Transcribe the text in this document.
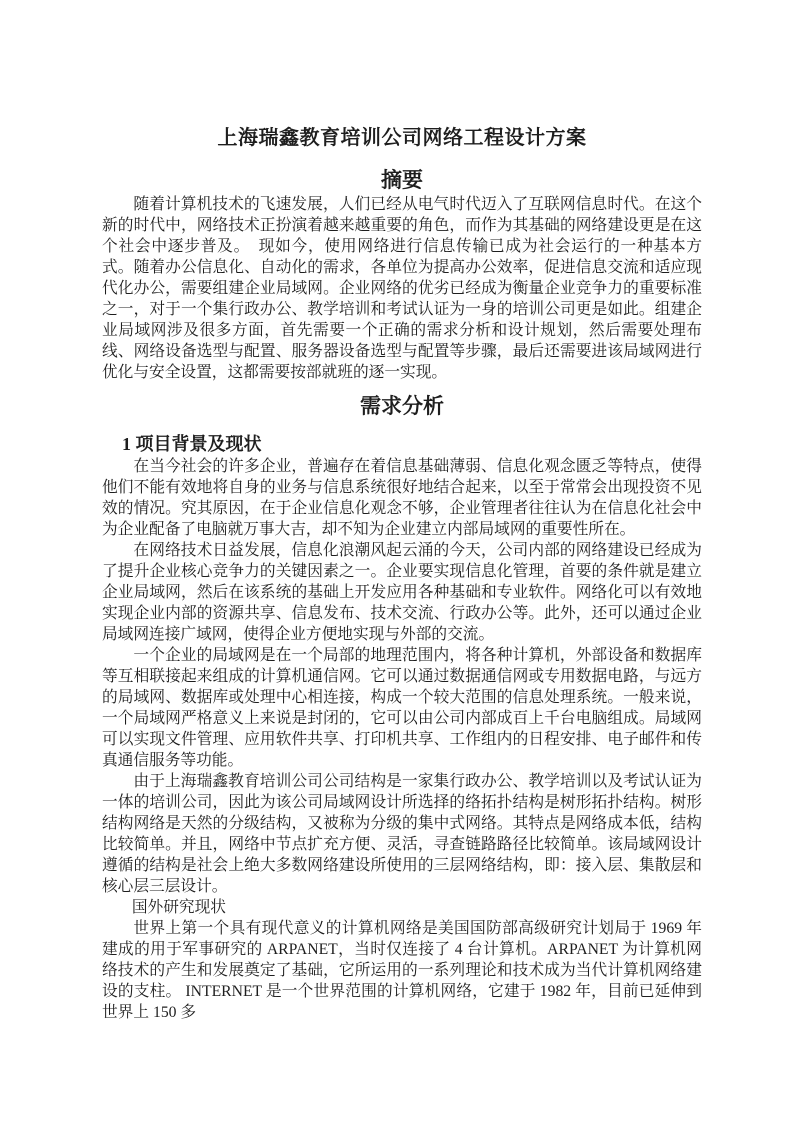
上海瑞鑫教育培训公司网络工程设计方案
摘要

随着计算机技术的飞速发展，人们已经从电气时代迈入了互联网信息时代。在这个新的时代中，网络技术正扮演着越来越重要的角色，而作为其基础的网络建设更是在这个社会中逐步普及。　现如今，使用网络进行信息传输已成为社会运行的一种基本方式。随着办公信息化、自动化的需求，各单位为提高办公效率，促进信息交流和适应现代化办公，需要组建企业局域网。企业网络的优劣已经成为衡量企业竞争力的重要标准之一，对于一个集行政办公、教学培训和考试认证为一身的培训公司更是如此。组建企业局域网涉及很多方面，首先需要一个正确的需求分析和设计规划，然后需要处理布线、网络设备选型与配置、服务器设备选型与配置等步骤，最后还需要进该局域网进行优化与安全设置，这都需要按部就班的逐一实现。

需求分析
1 项目背景及现状

在当今社会的许多企业，普遍存在着信息基础薄弱、信息化观念匮乏等特点，使得他们不能有效地将自身的业务与信息系统很好地结合起来，以至于常常会出现投资不见效的情况。究其原因，在于企业信息化观念不够，企业管理者往往认为在信息化社会中为企业配备了电脑就万事大吉，却不知为企业建立内部局域网的重要性所在。

在网络技术日益发展，信息化浪潮风起云涌的今天，公司内部的网络建设已经成为了提升企业核心竞争力的关键因素之一。企业要实现信息化管理，首要的条件就是建立企业局域网，然后在该系统的基础上开发应用各种基础和专业软件。网络化可以有效地实现企业内部的资源共享、信息发布、技术交流、行政办公等。此外，还可以通过企业局域网连接广域网，使得企业方便地实现与外部的交流。

一个企业的局域网是在一个局部的地理范围内，将各种计算机，外部设备和数据库等互相联接起来组成的计算机通信网。它可以通过数据通信网或专用数据电路，与远方的局域网、数据库或处理中心相连接，构成一个较大范围的信息处理系统。一般来说，一个局域网严格意义上来说是封闭的，它可以由公司内部成百上千台电脑组成。局域网可以实现文件管理、应用软件共享、打印机共享、工作组内的日程安排、电子邮件和传真通信服务等功能。

由于上海瑞鑫教育培训公司公司结构是一家集行政办公、教学培训以及考试认证为一体的培训公司，因此为该公司局域网设计所选择的络拓扑结构是树形拓扑结构。树形结构网络是天然的分级结构，又被称为分级的集中式网络。其特点是网络成本低，结构比较简单。并且，网络中节点扩充方便、灵活，寻查链路路径比较简单。该局域网设计遵循的结构是社会上绝大多数网络建设所使用的三层网络结构，即：接入层、集散层和核心层三层设计。

国外研究现状

世界上第一个具有现代意义的计算机网络是美国国防部高级研究计划局于 1969 年建成的用于军事研究的 ARPANET，当时仅连接了 4 台计算机。ARPANET 为计算机网络技术的产生和发展奠定了基础，它所运用的一系列理论和技术成为当代计算机网络建设的支柱。 INTERNET 是一个世界范围的计算机网络，它建于 1982 年，目前已延伸到世界上 150 多
